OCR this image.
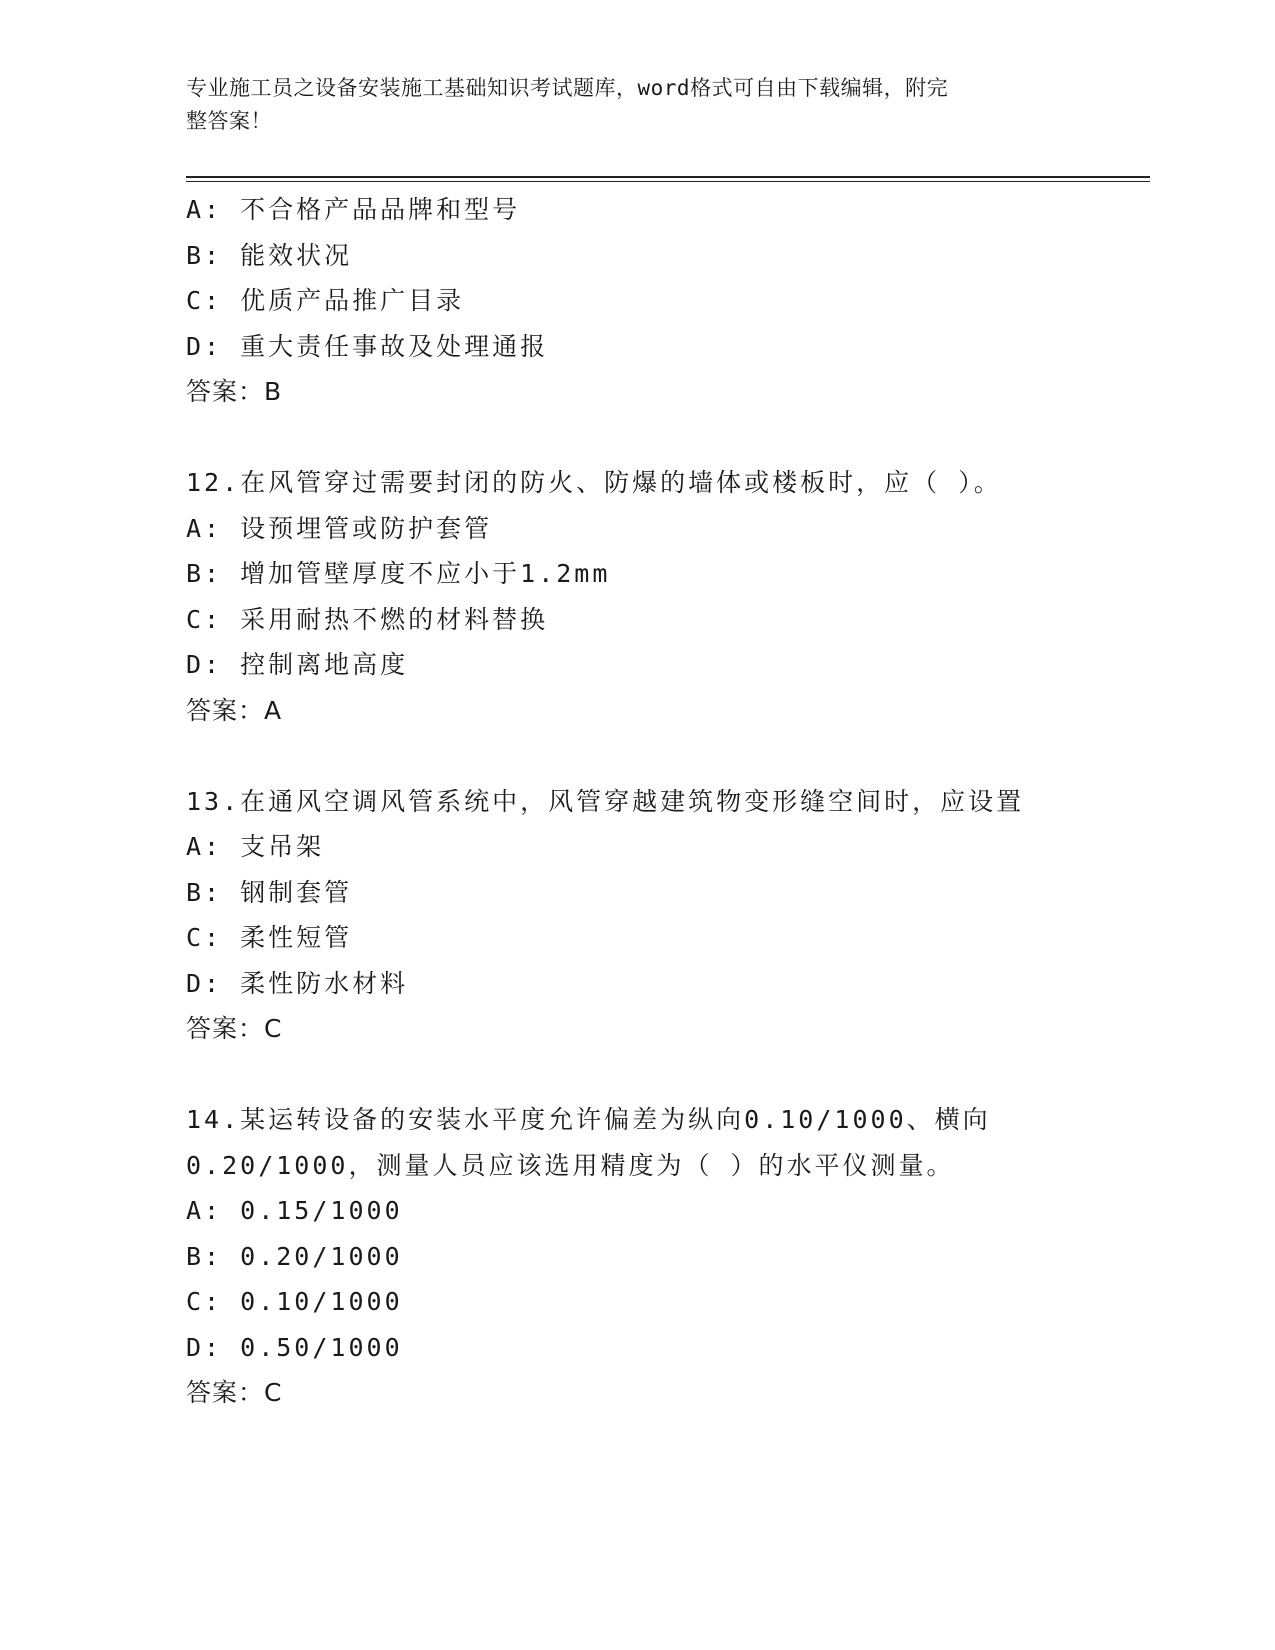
专业施工员之设备安装施工基础知识考试题库，word格式可自由下载编辑，附完
整答案！
A: 不合格产品品牌和型号
B: 能效状况
C: 优质产品推广目录
D: 重大责任事故及处理通报
答案：B
12.在风管穿过需要封闭的防火、防爆的墙体或楼板时，应（ ）。
A: 设预埋管或防护套管
B: 增加管壁厚度不应小于1.2mm
C: 采用耐热不燃的材料替换
D: 控制离地高度
答案：A
13.在通风空调风管系统中，风管穿越建筑物变形缝空间时，应设置
A: 支吊架
B: 钢制套管
C: 柔性短管
D: 柔性防水材料
答案：C
14.某运转设备的安装水平度允许偏差为纵向0.10/1000、横向
0.20/1000，测量人员应该选用精度为（ ）的水平仪测量。
A: 0.15/1000
B: 0.20/1000
C: 0.10/1000
D: 0.50/1000
答案：C
